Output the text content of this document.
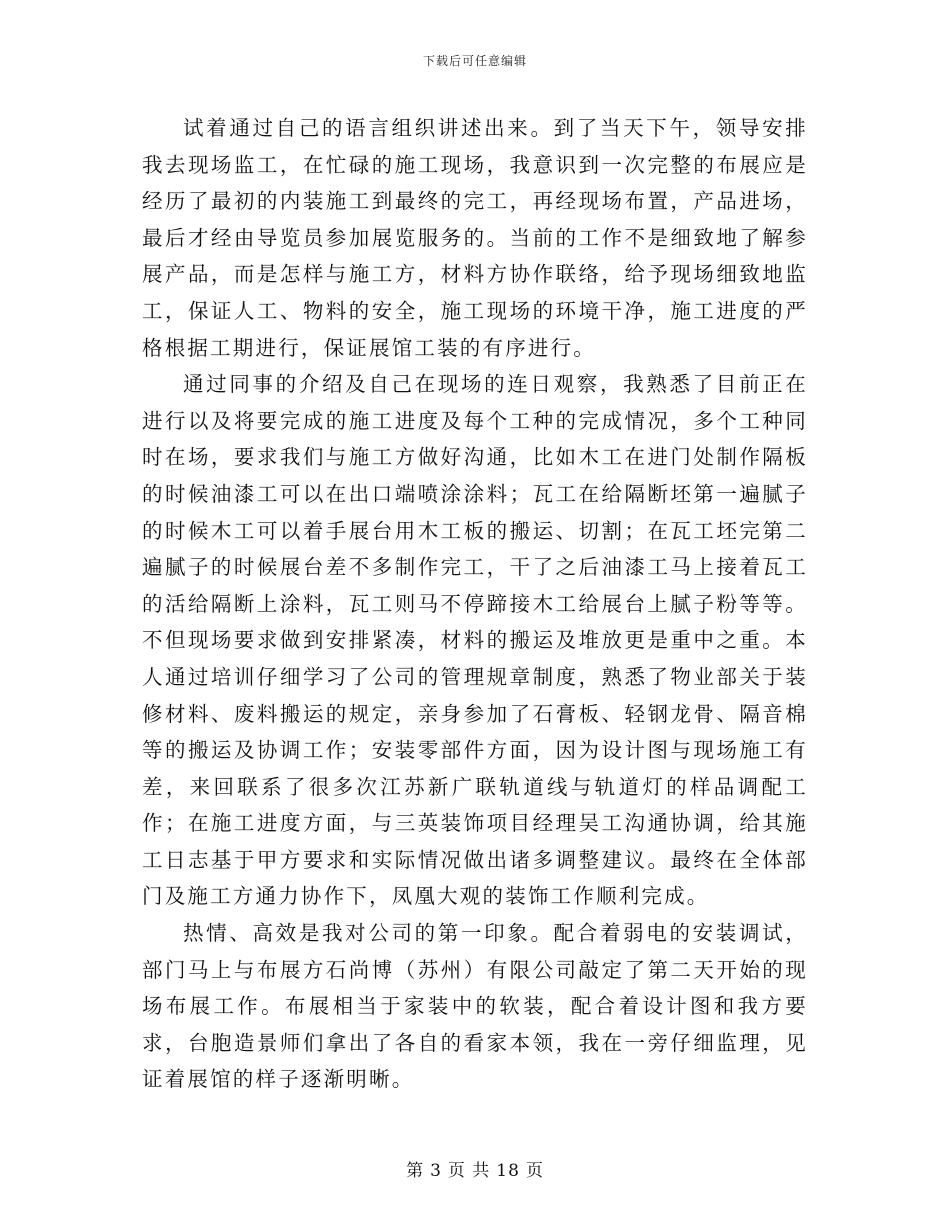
下载后可任意编辑

试着通过自己的语言组织讲述出来。到了当天下午，领导安排我去现场监工，在忙碌的施工现场，我意识到一次完整的布展应是经历了最初的内装施工到最终的完工，再经现场布置，产品进场，最后才经由导览员参加展览服务的。当前的工作不是细致地了解参展产品，而是怎样与施工方，材料方协作联络，给予现场细致地监工，保证人工、物料的安全，施工现场的环境干净，施工进度的严格根据工期进行，保证展馆工装的有序进行。

通过同事的介绍及自己在现场的连日观察，我熟悉了目前正在进行以及将要完成的施工进度及每个工种的完成情况，多个工种同时在场，要求我们与施工方做好沟通，比如木工在进门处制作隔板的时候油漆工可以在出口端喷涂涂料；瓦工在给隔断坯第一遍腻子的时候木工可以着手展台用木工板的搬运、切割；在瓦工坯完第二遍腻子的时候展台差不多制作完工，干了之后油漆工马上接着瓦工的活给隔断上涂料，瓦工则马不停蹄接木工给展台上腻子粉等等。 不但现场要求做到安排紧凑，材料的搬运及堆放更是重中之重。本人通过培训仔细学习了公司的管理规章制度，熟悉了物业部关于装修材料、废料搬运的规定，亲身参加了石膏板、轻钢龙骨、隔音棉等的搬运及协调工作；安装零部件方面，因为设计图与现场施工有差，来回联系了很多次江苏新广联轨道线与轨道灯的样品调配工作；在施工进度方面，与三英装饰项目经理吴工沟通协调，给其施工日志基于甲方要求和实际情况做出诸多调整建议。最终在全体部门及施工方通力协作下，凤凰大观的装饰工作顺利完成。

热情、高效是我对公司的第一印象。配合着弱电的安装调试，部门马上与布展方石尚博（苏州）有限公司敲定了第二天开始的现场布展工作。布展相当于家装中的软装，配合着设计图和我方要求，台胞造景师们拿出了各自的看家本领，我在一旁仔细监理，见证着展馆的样子逐渐明晰。

第 3 页 共 18 页
